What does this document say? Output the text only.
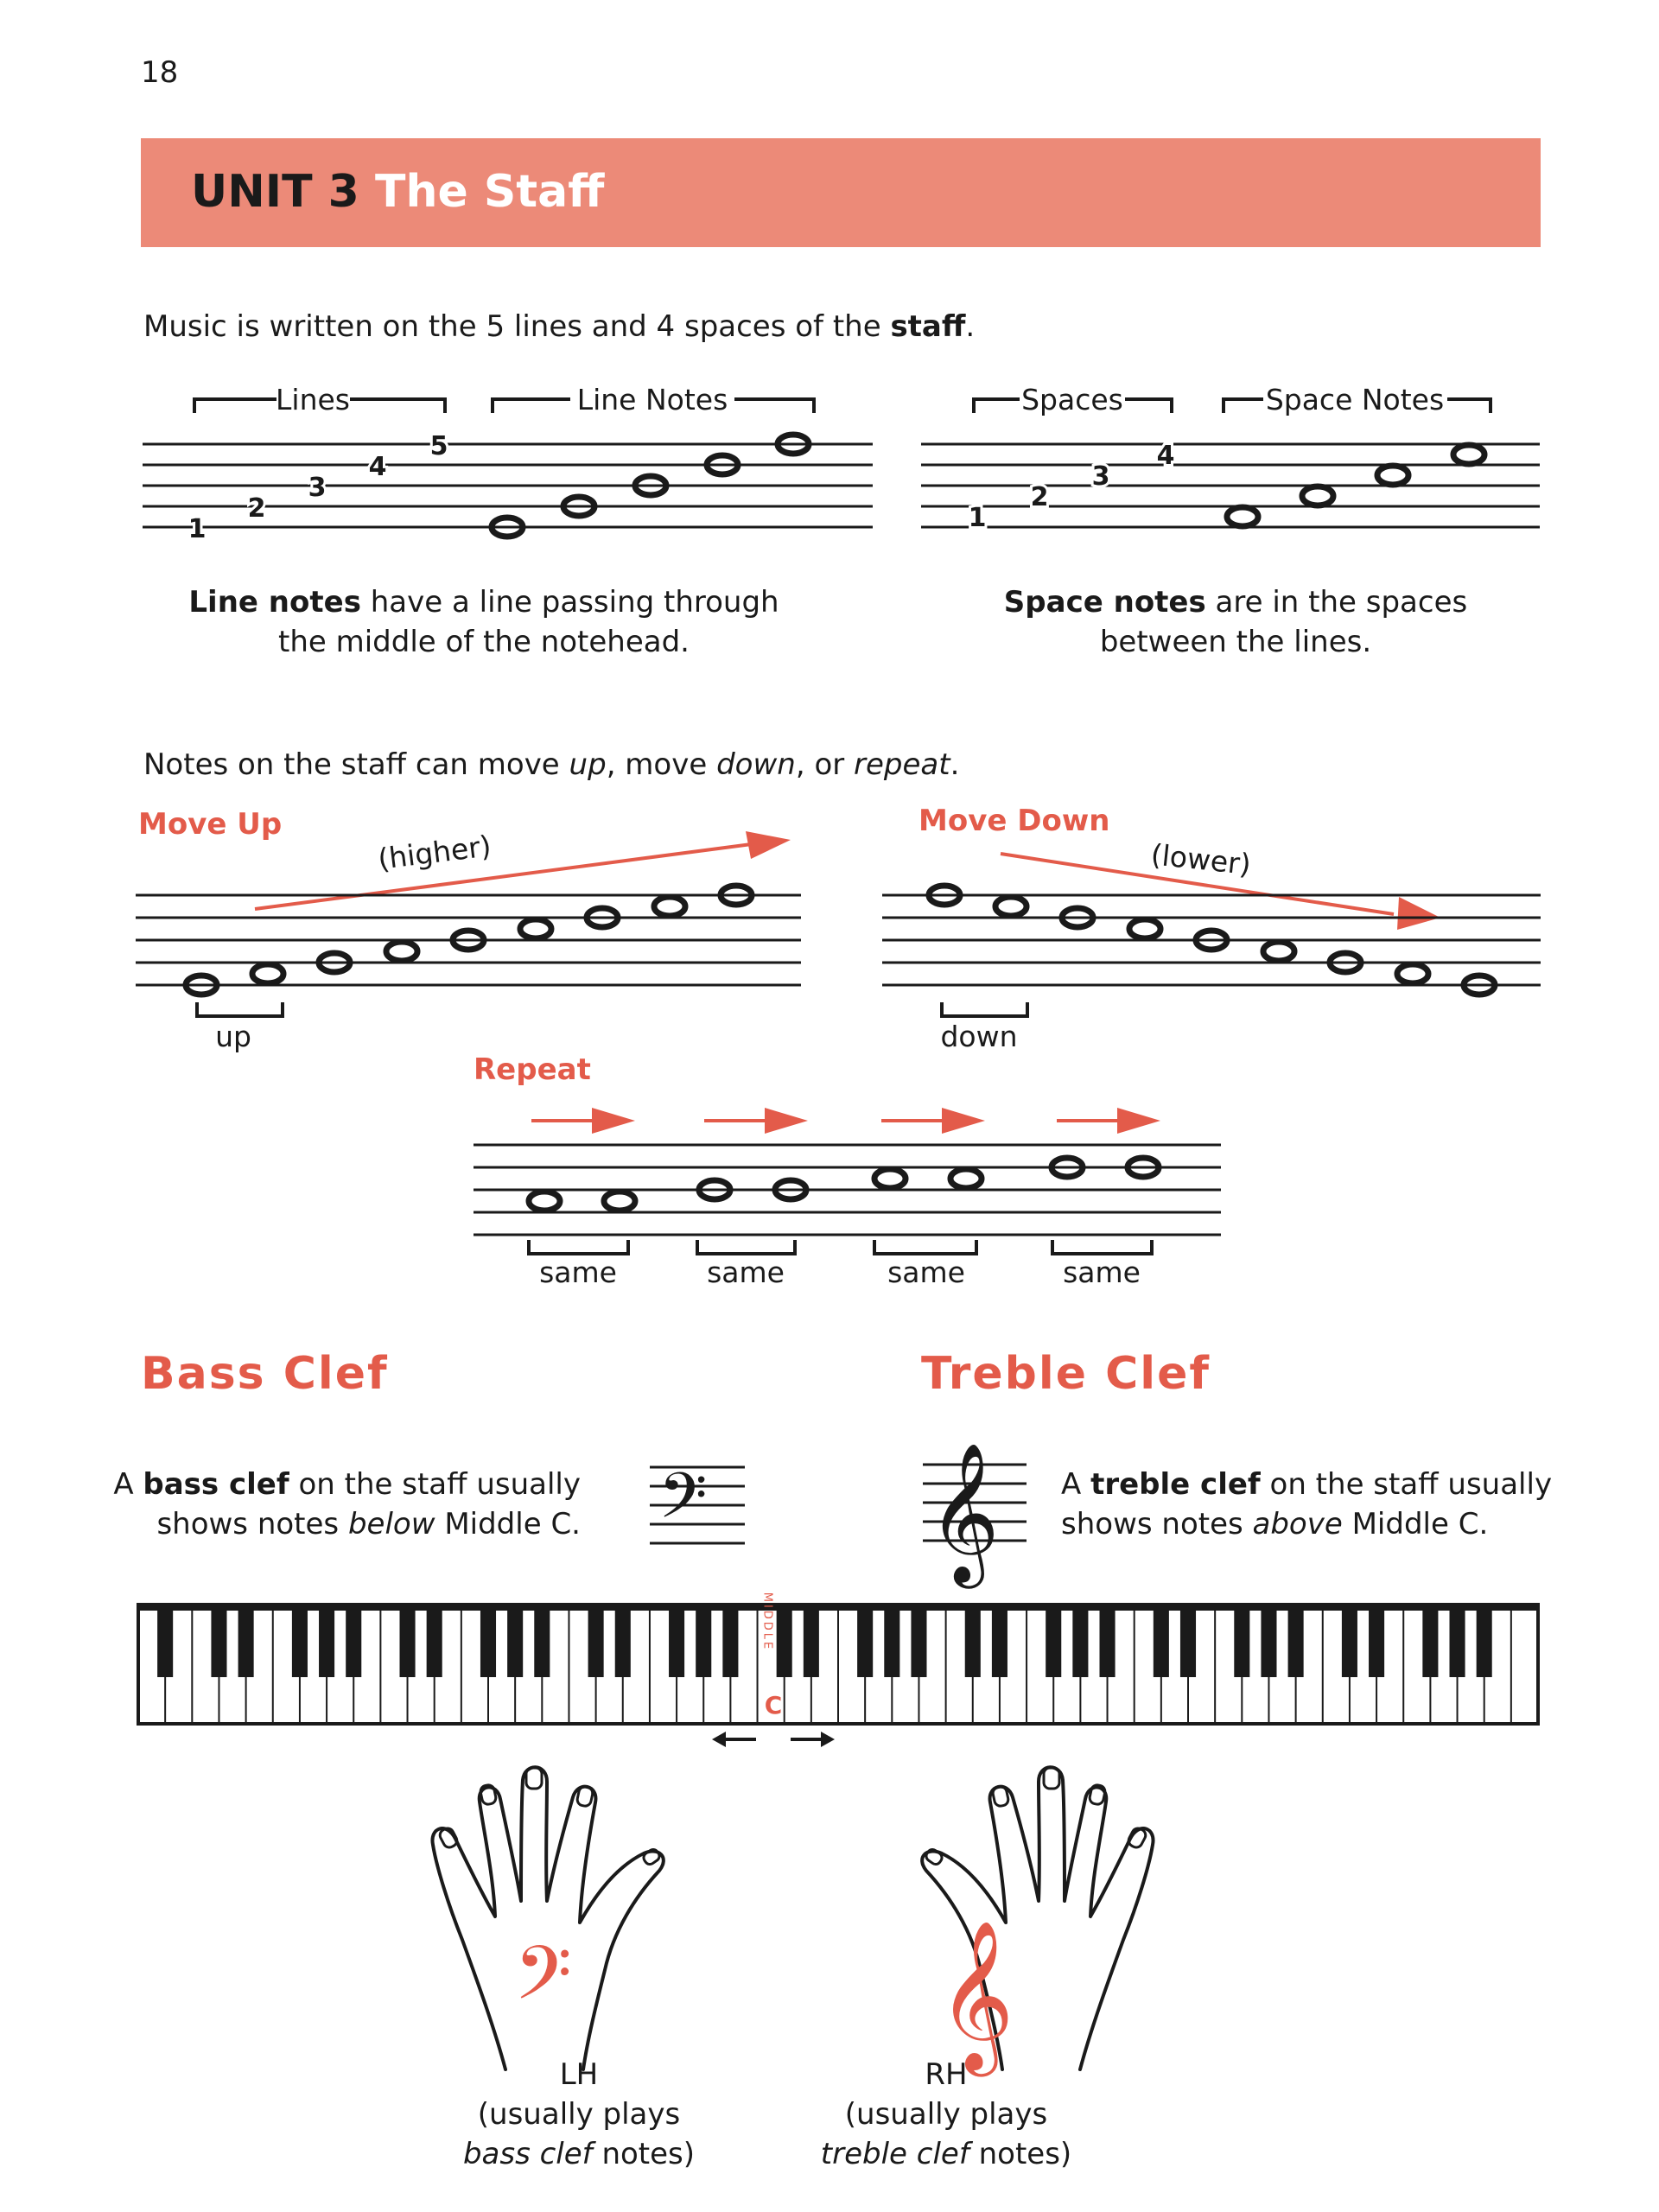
18
UNIT 3 The Staff
Music is written on the 5 lines and 4 spaces of the staff.
Lines	Line Notes
1
2
3
4
5
Line notes have a line passing through
the middle of the notehead.
Spaces	Space Notes
1
2
3
4
Space notes are in the spaces
between the lines.
Notes on the staff can move up, move down, or repeat.
Move Up
(higher)
up
Move Down
(lower)
down
Repeat
same	same	same	same
Bass Clef
A bass clef on the staff usually
shows notes below Middle C. 𝄢
Treble Clef
𝄞 A treble clef on the staff usually
shows notes above Middle C.
MIDDLE
C
𝄢
LH
(usually plays
bass clef notes)
𝄞
RH
(usually plays
treble clef notes)
